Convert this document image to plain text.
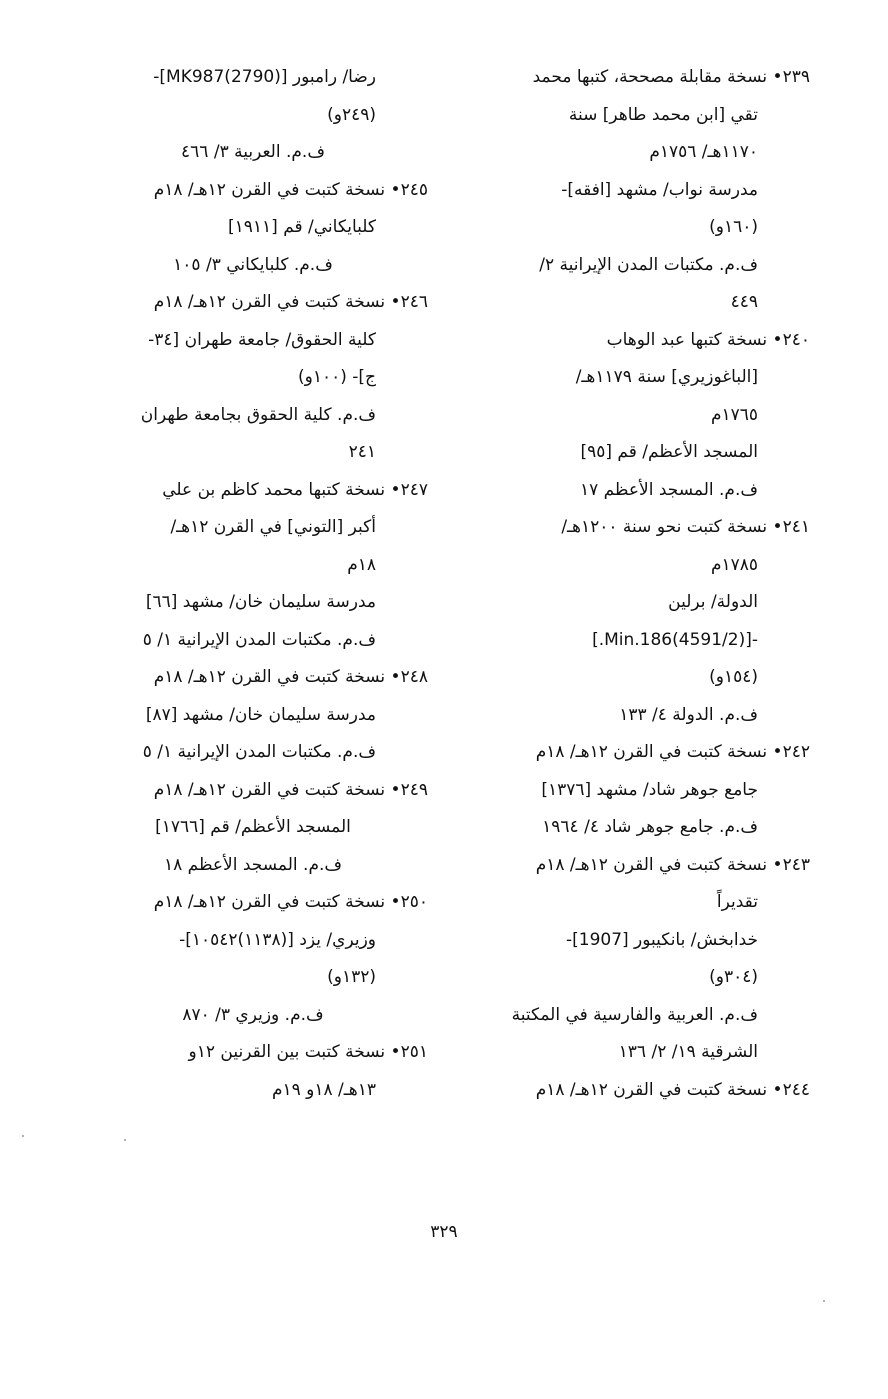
٢٣٩• نسخة مقابلة مصححة، كتبها محمد
تقي [ابن محمد طاهر] سنة
١١٧٠هـ/ ١٧٥٦م
مدرسة نواب/ مشهد [افقه]-
(١٦٠و)
ف.م. مكتبات المدن الإيرانية ٢/
٤٤٩
٢٤٠• نسخة كتبها عبد الوهاب
[الباغوزيري] سنة ١١٧٩هـ/
١٧٦٥م
المسجد الأعظم/ قم [٩٥]
ف.م. المسجد الأعظم ١٧
٢٤١• نسخة كتبت نحو سنة ١٢٠٠هـ/
١٧٨٥م
الدولة/ برلين
-[(4591/2)Min.186.]
(١٥٤و)
ف.م. الدولة ٤/ ١٣٣
٢٤٢• نسخة كتبت في القرن ١٢هـ/ ١٨م
جامع جوهر شاد/ مشهد [١٣٧٦]
ف.م. جامع جوهر شاد ٤/ ١٩٦٤
٢٤٣• نسخة كتبت في القرن ١٢هـ/ ١٨م
تقديراً
خدابخش/ بانكيبور [1907]-
(٣٠٤و)
ف.م. العربية والفارسية في المكتبة
الشرقية ١٩/ ٢/ ١٣٦
٢٤٤• نسخة كتبت في القرن ١٢هـ/ ١٨م
رضا/ رامبور [MK987(2790)]-
(٢٤٩و)
ف.م. العربية ٣/ ٤٦٦
٢٤٥• نسخة كتبت في القرن ١٢هـ/ ١٨م
كلبايكاني/ قم [١٩١١]
ف.م. كلبايكاني ٣/ ١٠٥
٢٤٦• نسخة كتبت في القرن ١٢هـ/ ١٨م
كلية الحقوق/ جامعة طهران [٣٤-
ج]- (١٠٠و)
ف.م. كلية الحقوق بجامعة طهران
٢٤١
٢٤٧• نسخة كتبها محمد كاظم بن علي
أكبر [التوني] في القرن ١٢هـ/
١٨م
مدرسة سليمان خان/ مشهد [٦٦]
ف.م. مكتبات المدن الإيرانية ١/ ٥
٢٤٨• نسخة كتبت في القرن ١٢هـ/ ١٨م
مدرسة سليمان خان/ مشهد [٨٧]
ف.م. مكتبات المدن الإيرانية ١/ ٥
٢٤٩• نسخة كتبت في القرن ١٢هـ/ ١٨م
المسجد الأعظم/ قم [١٧٦٦]
ف.م. المسجد الأعظم ١٨
٢٥٠• نسخة كتبت في القرن ١٢هـ/ ١٨م
وزيري/ يزد [(١١٣٨)١٠٥٤٢]-
(١٣٢و)
ف.م. وزيري ٣/ ٨٧٠
٢٥١• نسخة كتبت بين القرنين ١٢و
١٣هـ/ ١٨و ١٩م
٣٢٩
